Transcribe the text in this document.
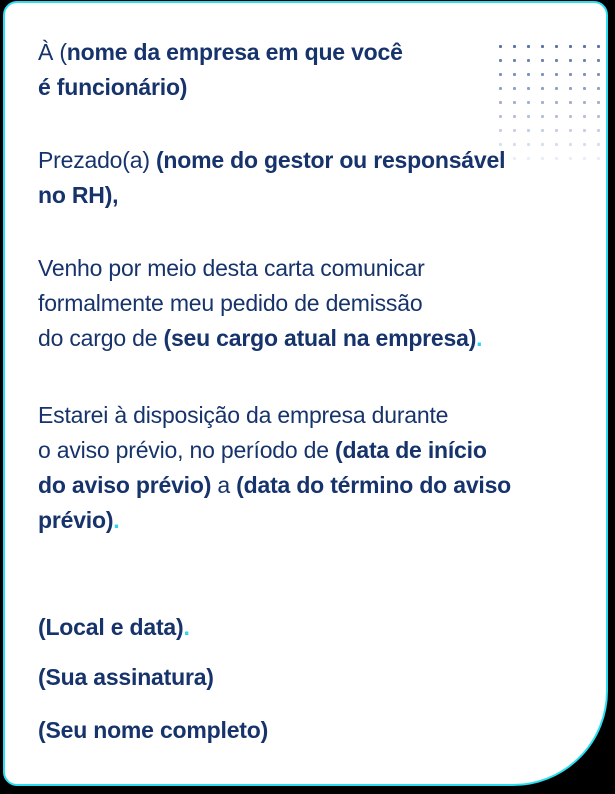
À (nome da empresa em que você
é funcionário)
Prezado(a) (nome do gestor ou responsável
no RH),
Venho por meio desta carta comunicar
formalmente meu pedido de demissão
do cargo de (seu cargo atual na empresa).
Estarei à disposição da empresa durante
o aviso prévio, no período de (data de início
do aviso prévio) a (data do término do aviso
prévio).
(Local e data).
(Sua assinatura)
(Seu nome completo)
